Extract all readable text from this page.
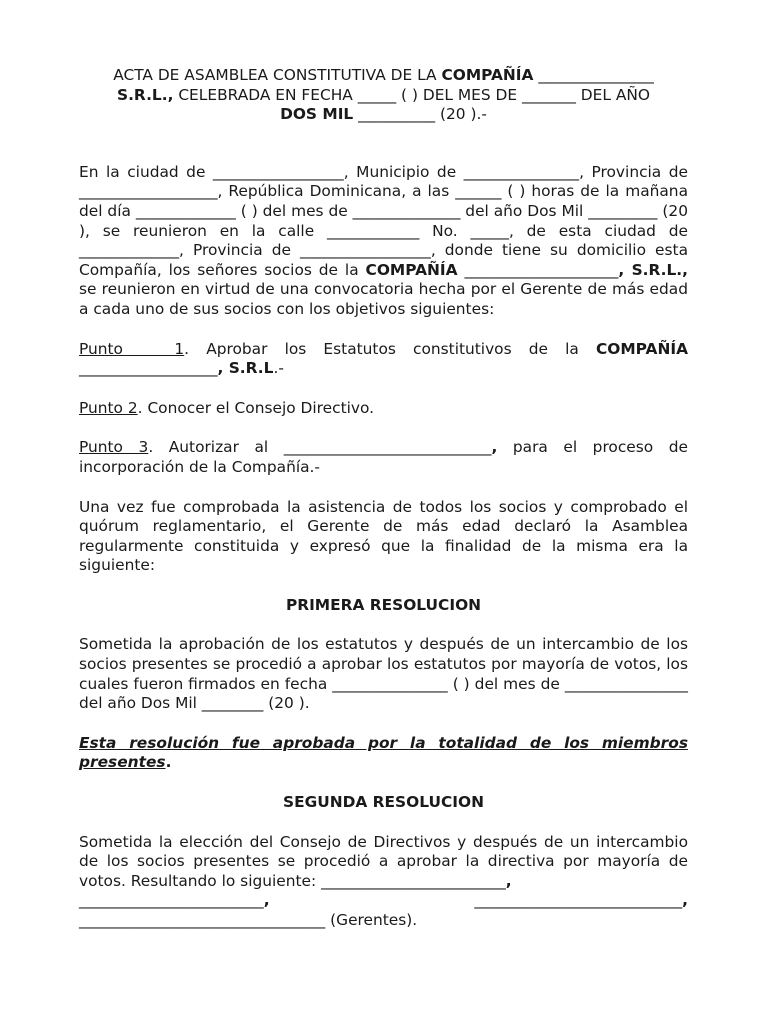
ACTA DE ASAMBLEA CONSTITUTIVA DE LA COMPAÑÍA _______________
S.R.L., CELEBRADA EN FECHA _____ ( ) DEL MES DE _______ DEL AÑO
DOS MIL __________ (20 ).-

En la ciudad de _________________, Municipio de _______________, Provincia de __________________, República Dominicana, a las ______ ( ) horas de la mañana del día _____________ ( ) del mes de ______________ del año Dos Mil _________ (20 ), se reunieron en la calle ____________ No. _____, de esta ciudad de _____________, Provincia de _________________, donde tiene su domicilio esta Compañía, los señores socios de la COMPAÑÍA ____________________, S.R.L., se reunieron en virtud de una convocatoria hecha por el Gerente de más edad a cada uno de sus socios con los objetivos siguientes:

Punto   1. Aprobar los Estatutos constitutivos de la COMPAÑÍA __________________, S.R.L.-

Punto 2. Conocer el Consejo Directivo.

Punto 3. Autorizar al ___________________________, para el proceso de incorporación de la Compañía.-

Una vez fue comprobada la asistencia de todos los socios y comprobado el quórum reglamentario, el Gerente de más edad declaró la Asamblea regularmente constituida y expresó que la finalidad de la misma era la siguiente:

PRIMERA RESOLUCION

Sometida la aprobación de los estatutos y después de un intercambio de los socios presentes se procedió a aprobar los estatutos por mayoría de votos, los cuales fueron firmados en fecha _______________ ( ) del mes de ________________ del año Dos Mil ________ (20 ).

Esta resolución fue aprobada por la totalidad de los miembros presentes.

SEGUNDA RESOLUCION

Sometida la elección del Consejo de Directivos y después de un intercambio de los socios presentes se procedió a aprobar la directiva por mayoría de votos. Resultando lo siguiente: ________________________,

________________________,	___________________________,

________________________________ (Gerentes).
